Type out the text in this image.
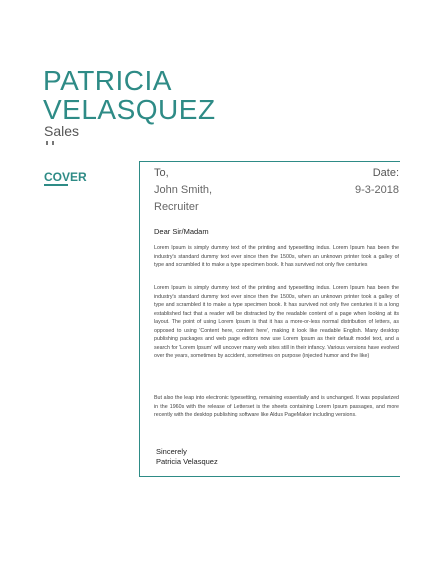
PATRICIA
VELASQUEZ
Sales
COVER	To,	Date:
John Smith,	9-3-2018
Recruiter
Dear Sir/Madam

Lorem Ipsum is simply dummy text of the printing and typesetting indus. Lorem Ipsum has been the industry's standard dummy text ever since then the 1500s, when an unknown printer took a galley of type and scrambled it to make a type specimen book. It has survived not only five centuries

Lorem Ipsum is simply dummy text of the printing and typesetting indus. Lorem Ipsum has been the industry's standard dummy text ever since then the 1500s, when an unknown printer took a galley of type and scrambled it to make a type specimen book. It has survived not only five centuries it is a long established fact that a reader will be distracted by the readable content of a page when looking at its layout. The point of using Lorem Ipsum is that it has a more-or-less normal distribution of letters, as opposed to using 'Content here, content here', making it look like readable English. Many desktop publishing packages and web page editors now use Lorem Ipsum as their default model text, and a search for 'Lorem Ipsum' will uncover many web sites still in their infancy. Various versions have evolved over the years, sometimes by accident, sometimes on purpose (injected humor and the like)

But also the leap into electronic typesetting, remaining essentially and is unchanged. It was popularized in the 1960s with the release of Letterset is the sheets containing Lorem Ipsum passages, and more recently with the desktop publishing software like Aldus PageMaker including versions.

Sincerely
Patricia Velasquez
